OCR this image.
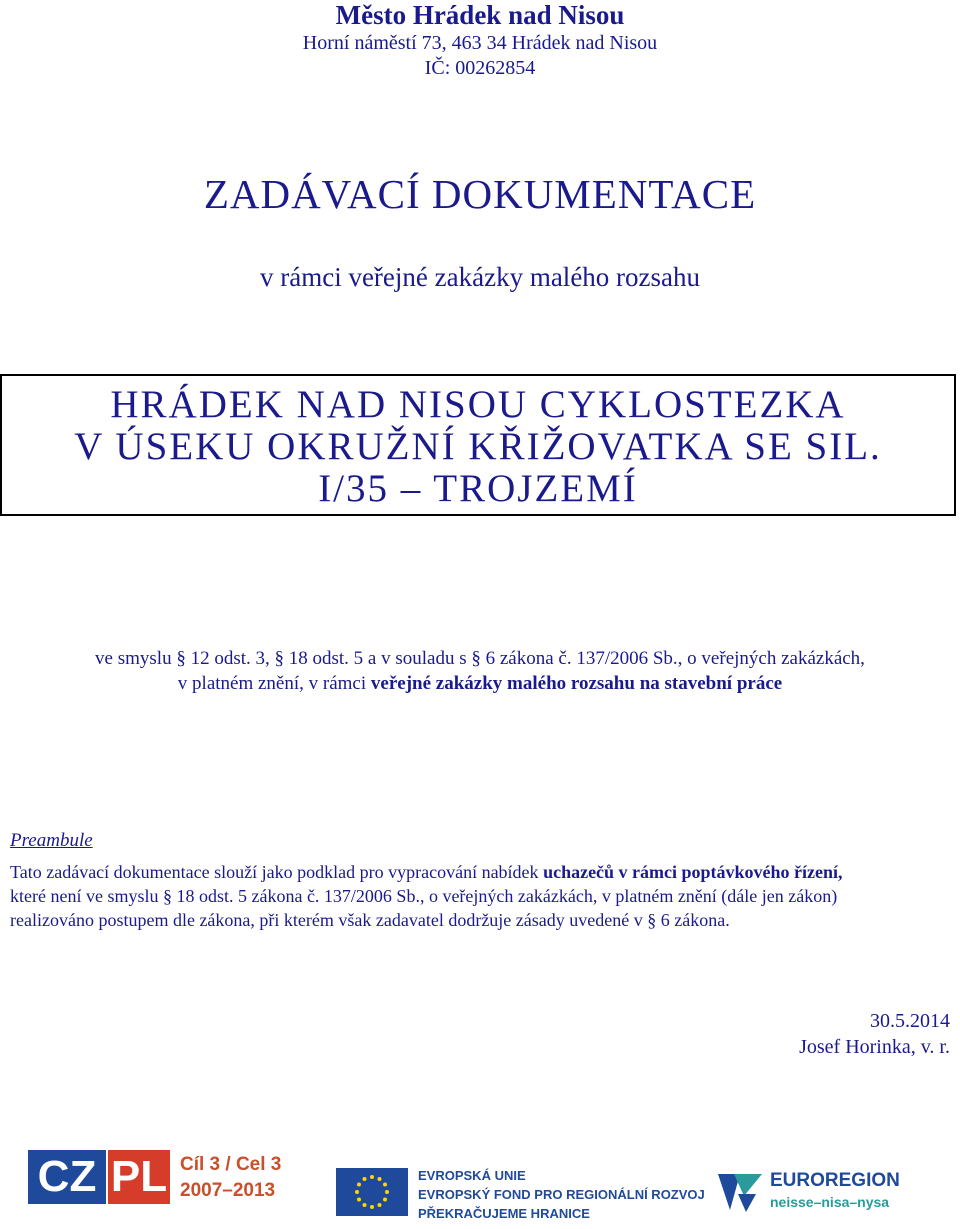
Město Hrádek nad Nisou
Horní náměstí 73, 463 34 Hrádek nad Nisou
IČ: 00262854
ZADÁVACÍ DOKUMENTACE
v rámci veřejné zakázky malého rozsahu
HRÁDEK NAD NISOU CYKLOSTEZKA
V ÚSEKU OKRUŽNÍ KŘIŽOVATKA SE SIL.
I/35 – TROJZEMÍ
ve smyslu § 12 odst. 3, § 18 odst. 5 a v souladu s § 6 zákona č. 137/2006 Sb., o veřejných zakázkách,
v platném znění, v rámci veřejné zakázky malého rozsahu na stavební práce
Preambule
Tato zadávací dokumentace slouží jako podklad pro vypracování nabídek uchazečů v rámci poptávkového řízení,
které není ve smyslu § 18 odst. 5 zákona č. 137/2006 Sb., o veřejných zakázkách, v platném znění (dále jen zákon)
realizováno postupem dle zákona, při kterém však zadavatel dodržuje zásady uvedené v § 6 zákona.
30.5.2014
Josef Horinka, v. r.
CZ PL Cíl 3 / Cel 3
2007–2013
EVROPSKÁ UNIE
EVROPSKÝ FOND PRO REGIONÁLNÍ ROZVOJ
PŘEKRAČUJEME HRANICE
EUROREGION
neisse–nisa–nysa
